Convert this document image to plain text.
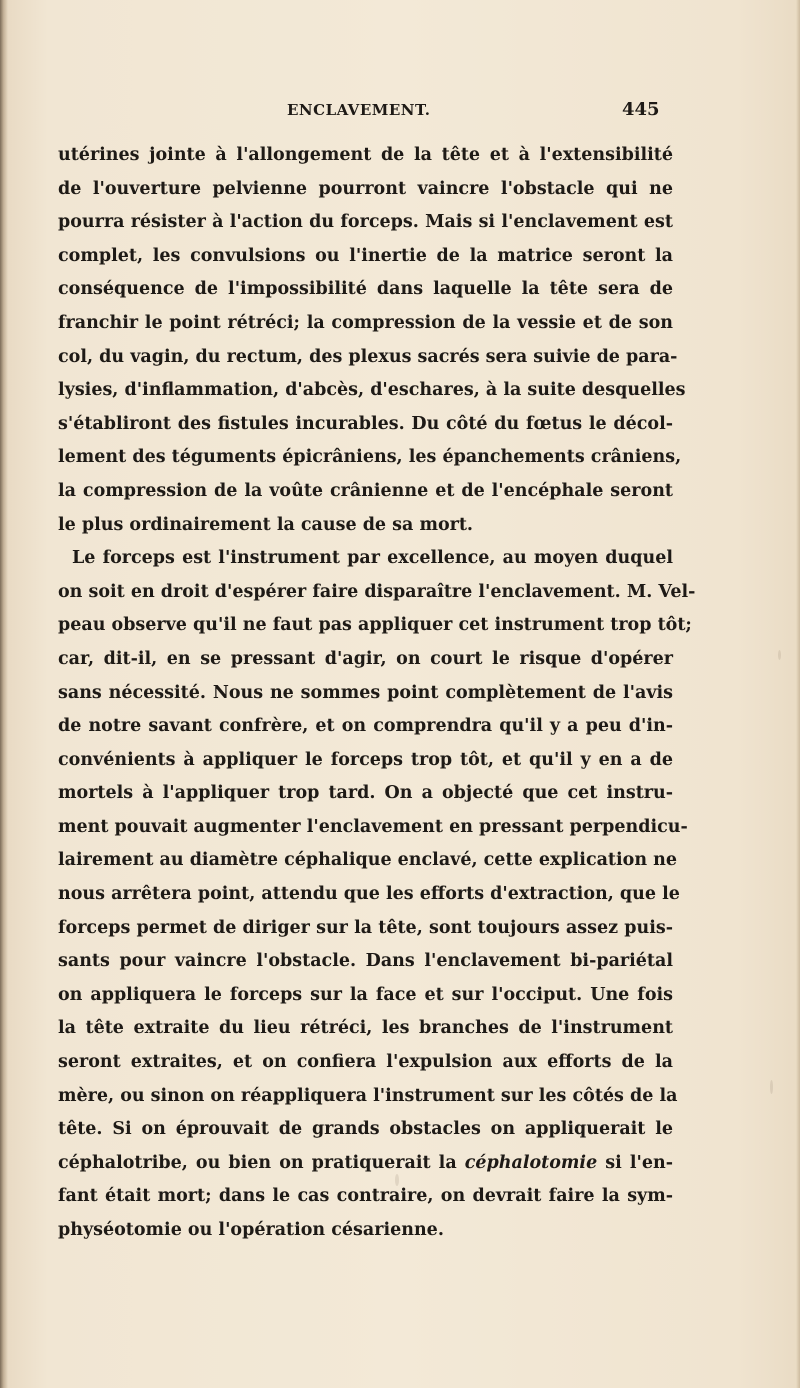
ENCLAVEMENT.	445
utérines jointe à l'allongement de la tête et à l'extensibilité
de l'ouverture pelvienne pourront vaincre l'obstacle qui ne
pourra résister à l'action du forceps. Mais si l'enclavement est
complet, les convulsions ou l'inertie de la matrice seront la
conséquence de l'impossibilité dans laquelle la tête sera de
franchir le point rétréci; la compression de la vessie et de son
col, du vagin, du rectum, des plexus sacrés sera suivie de para-
lysies, d'inflammation, d'abcès, d'eschares, à la suite desquelles
s'établiront des fistules incurables. Du côté du fœtus le décol-
lement des téguments épicrâniens, les épanchements crâniens,
la compression de la voûte crânienne et de l'encéphale seront
le plus ordinairement la cause de sa mort.
Le forceps est l'instrument par excellence, au moyen duquel
on soit en droit d'espérer faire disparaître l'enclavement. M. Vel-
peau observe qu'il ne faut pas appliquer cet instrument trop tôt;
car, dit-il, en se pressant d'agir, on court le risque d'opérer
sans nécessité. Nous ne sommes point complètement de l'avis
de notre savant confrère, et on comprendra qu'il y a peu d'in-
convénients à appliquer le forceps trop tôt, et qu'il y en a de
mortels à l'appliquer trop tard. On a objecté que cet instru-
ment pouvait augmenter l'enclavement en pressant perpendicu-
lairement au diamètre céphalique enclavé, cette explication ne
nous arrêtera point, attendu que les efforts d'extraction, que le
forceps permet de diriger sur la tête, sont toujours assez puis-
sants pour vaincre l'obstacle. Dans l'enclavement bi-pariétal
on appliquera le forceps sur la face et sur l'occiput. Une fois
la tête extraite du lieu rétréci, les branches de l'instrument
seront extraites, et on confiera l'expulsion aux efforts de la
mère, ou sinon on réappliquera l'instrument sur les côtés de la
tête. Si on éprouvait de grands obstacles on appliquerait le
céphalotribe, ou bien on pratiquerait la céphalotomie si l'en-
fant était mort; dans le cas contraire, on devrait faire la sym-
physéotomie ou l'opération césarienne.
